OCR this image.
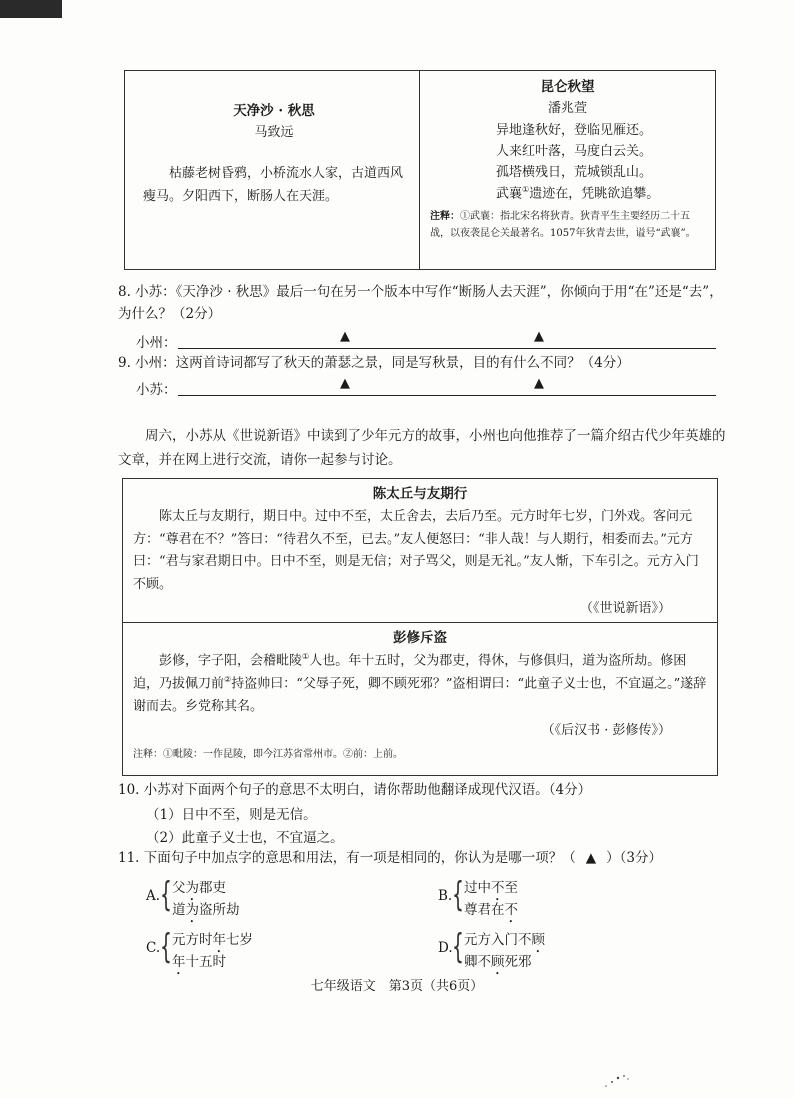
天净沙 · 秋思
马致远
枯藤老树昏鸦，小桥流水人家，古道西风瘦马。夕阳西下，断肠人在天涯。
昆仑秋望
潘兆萱
异地逢秋好，登临见雁还。
人来红叶落，马度白云关。
孤塔横残日，荒城锁乱山。
武襄①遗迹在，凭眺欲追攀。
注释：①武襄：指北宋名将狄青。狄青平生主要经历二十五战，以夜袭昆仑关最著名。1057年狄青去世，谥号“武襄”。
8. 小苏：《天净沙 · 秋思》最后一句在另一个版本中写作“断肠人去天涯”，你倾向于用“在”还是“去”，为什么？（2分）
小州：	▲	▲
9. 小州：这两首诗词都写了秋天的萧瑟之景，同是写秋景，目的有什么不同？（4分）
小苏：	▲	▲
周六，小苏从《世说新语》中读到了少年元方的故事，小州也向他推荐了一篇介绍古代少年英雄的文章，并在网上进行交流，请你一起参与讨论。
陈太丘与友期行
陈太丘与友期行，期日中。过中不至，太丘舍去，去后乃至。元方时年七岁，门外戏。客问元方：“尊君在不？”答曰：“待君久不至，已去。”友人便怒曰：“非人哉！与人期行，相委而去。”元方曰：“君与家君期日中。日中不至，则是无信；对子骂父，则是无礼。”友人惭，下车引之。元方入门不顾。
（《世说新语》）
彭修斥盗
彭修，字子阳，会稽毗陵①人也。年十五时，父为郡吏，得休，与修俱归，道为盗所劫。修困迫，乃拔佩刀前②持盗帅曰：“父辱子死，卿不顾死邪？”盗相谓曰：“此童子义士也，不宜逼之。”遂辞谢而去。乡党称其名。
（《后汉书 · 彭修传》）
注释：①毗陵：一作昆陵，即今江苏省常州市。②前：上前。
10. 小苏对下面两个句子的意思不太明白，请你帮助他翻译成现代汉语。（4分）
（1）日中不至，则是无信。
（2）此童子义士也，不宜逼之。
11. 下面句子中加点字的意思和用法，有一项是相同的，你认为是哪一项？（ ▲ ）（3分）
A. { 父为郡吏
道为盗所劫
B. { 过中不至
尊君在不
C. { 元方时年七岁
年十五时
D. { 元方入门不顾
卿不顾死邪
七年级语文　第3页（共6页）
